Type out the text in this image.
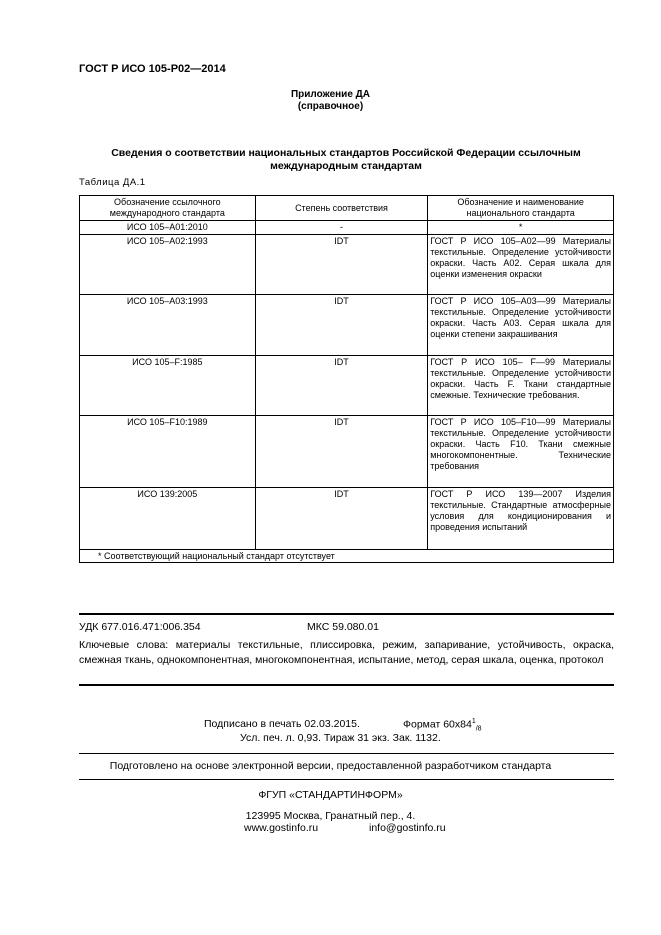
ГОСТ Р ИСО 105-Р02—2014
Приложение ДА
(справочное)
Сведения о соответствии национальных стандартов Российской Федерации ссылочным
международным стандартам
Таблица ДА.1
Обозначение ссылочного международного стандарта	Степень соответствия	Обозначение и наименование национального стандарта
ИСО 105–А01:2010	-	*
ИСО 105–А02:1993	IDT	ГОСТ Р ИСО 105–А02—99 Материалы текстильные. Определение устойчивости окраски. Часть А02. Серая шкала для оценки изменения окраски
ИСО 105–А03:1993	IDT	ГОСТ Р ИСО 105–А03—99 Материалы текстильные. Определение устойчивости окраски. Часть А03. Серая шкала для оценки степени закрашивания
ИСО 105–F:1985	IDT	ГОСТ Р ИСО 105– F—99 Материалы текстильные. Определение устойчивости окраски. Часть F. Ткани стандартные смежные. Технические требования.
ИСО 105–F10:1989	IDT	ГОСТ Р ИСО 105–F10—99 Материалы текстильные. Определение устойчивости окраски. Часть F10. Ткани смежные многокомпонентные. Технические требования
ИСО 139:2005	IDT	ГОСТ Р ИСО 139—2007 Изделия текстильные. Стандартные атмосферные условия для кондиционирования и проведения испытаний
* Соответствующий национальный стандарт отсутствует		
УДК 677.016.471:006.354	МКС 59.080.01
Ключевые слова: материалы текстильные, плиссировка, режим, запаривание, устойчивость, окраска, смежная ткань, однокомпонентная, многокомпонентная, испытание, метод, серая шкала, оценка, протокол
Подписано в печать 02.03.2015.	Формат $60х84^1_{/8}$
Усл. печ. л. 0,93. Тираж 31 экз. Зак. 1132.
Подготовлено на основе электронной версии, предоставленной разработчиком стандарта
ФГУП «СТАНДАРТИНФОРМ»
123995 Москва, Гранатный пер., 4.
www.gostinfo.ru	info@gostinfo.ru
